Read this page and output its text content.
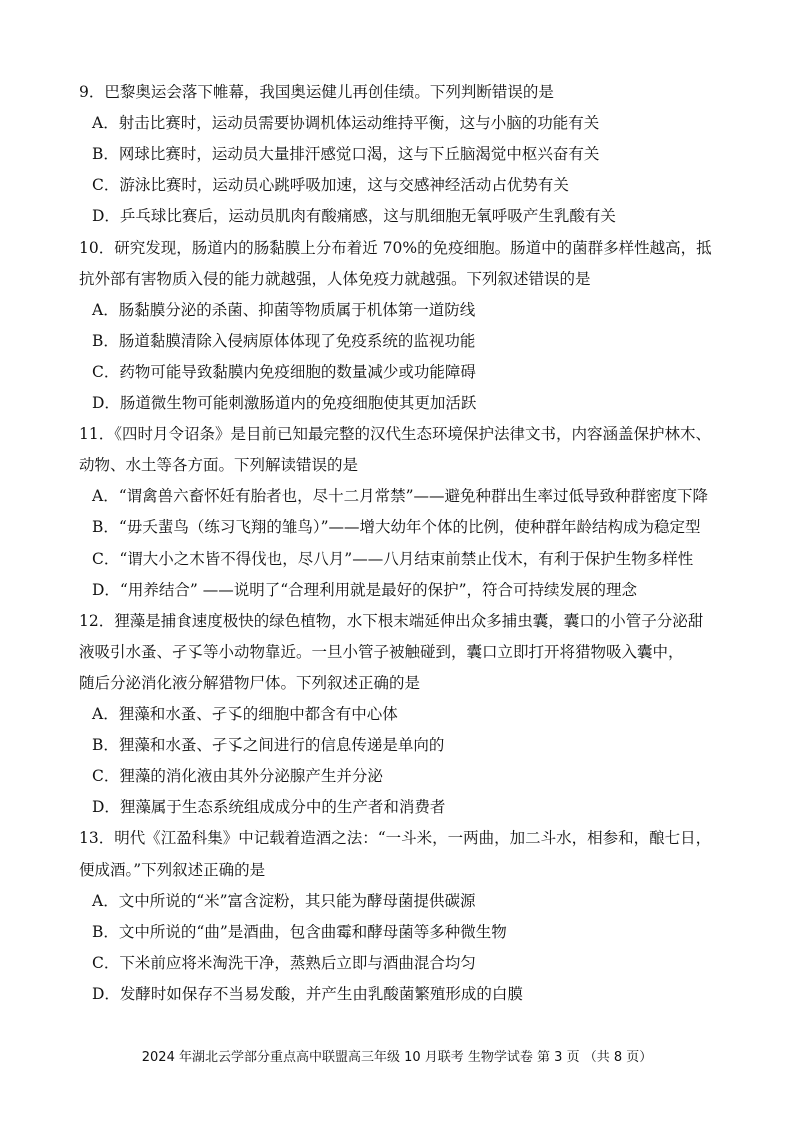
9．巴黎奥运会落下帷幕，我国奥运健儿再创佳绩。下列判断错误的是
A．射击比赛时，运动员需要协调机体运动维持平衡，这与小脑的功能有关
B．网球比赛时，运动员大量排汗感觉口渴，这与下丘脑渴觉中枢兴奋有关
C．游泳比赛时，运动员心跳呼吸加速，这与交感神经活动占优势有关
D．乒乓球比赛后，运动员肌肉有酸痛感，这与肌细胞无氧呼吸产生乳酸有关
10．研究发现，肠道内的肠黏膜上分布着近 70%的免疫细胞。肠道中的菌群多样性越高，抵
抗外部有害物质入侵的能力就越强，人体免疫力就越强。下列叙述错误的是
A．肠黏膜分泌的杀菌、抑菌等物质属于机体第一道防线
B．肠道黏膜清除入侵病原体体现了免疫系统的监视功能
C．药物可能导致黏膜内免疫细胞的数量减少或功能障碍
D．肠道微生物可能刺激肠道内的免疫细胞使其更加活跃
11．《四时月令诏条》是目前已知最完整的汉代生态环境保护法律文书，内容涵盖保护林木、
动物、水土等各方面。下列解读错误的是
A．“谓禽兽六畜怀妊有胎者也，尽十二月常禁”——避免种群出生率过低导致种群密度下降
B．“毋夭蜚鸟（练习飞翔的雏鸟）”——增大幼年个体的比例，使种群年龄结构成为稳定型
C．“谓大小之木皆不得伐也，尽八月”——八月结束前禁止伐木，有利于保护生物多样性
D．“用养结合” ——说明了“合理利用就是最好的保护”，符合可持续发展的理念
12．狸藻是捕食速度极快的绿色植物，水下根末端延伸出众多捕虫囊，囊口的小管子分泌甜
液吸引水蚤、孑孓等小动物靠近。一旦小管子被触碰到，囊口立即打开将猎物吸入囊中，
随后分泌消化液分解猎物尸体。下列叙述正确的是
A．狸藻和水蚤、孑孓的细胞中都含有中心体
B．狸藻和水蚤、孑孓之间进行的信息传递是单向的
C．狸藻的消化液由其外分泌腺产生并分泌
D．狸藻属于生态系统组成成分中的生产者和消费者
13．明代《江盈科集》中记载着造酒之法：“一斗米，一两曲，加二斗水，相参和，酿七日，
便成酒。”下列叙述正确的是
A．文中所说的“米”富含淀粉，其只能为酵母菌提供碳源
B．文中所说的“曲”是酒曲，包含曲霉和酵母菌等多种微生物
C．下米前应将米淘洗干净，蒸熟后立即与酒曲混合均匀
D．发酵时如保存不当易发酸，并产生由乳酸菌繁殖形成的白膜
2024 年湖北云学部分重点高中联盟高三年级 10 月联考 生物学试卷 第 3 页 （共 8 页）
